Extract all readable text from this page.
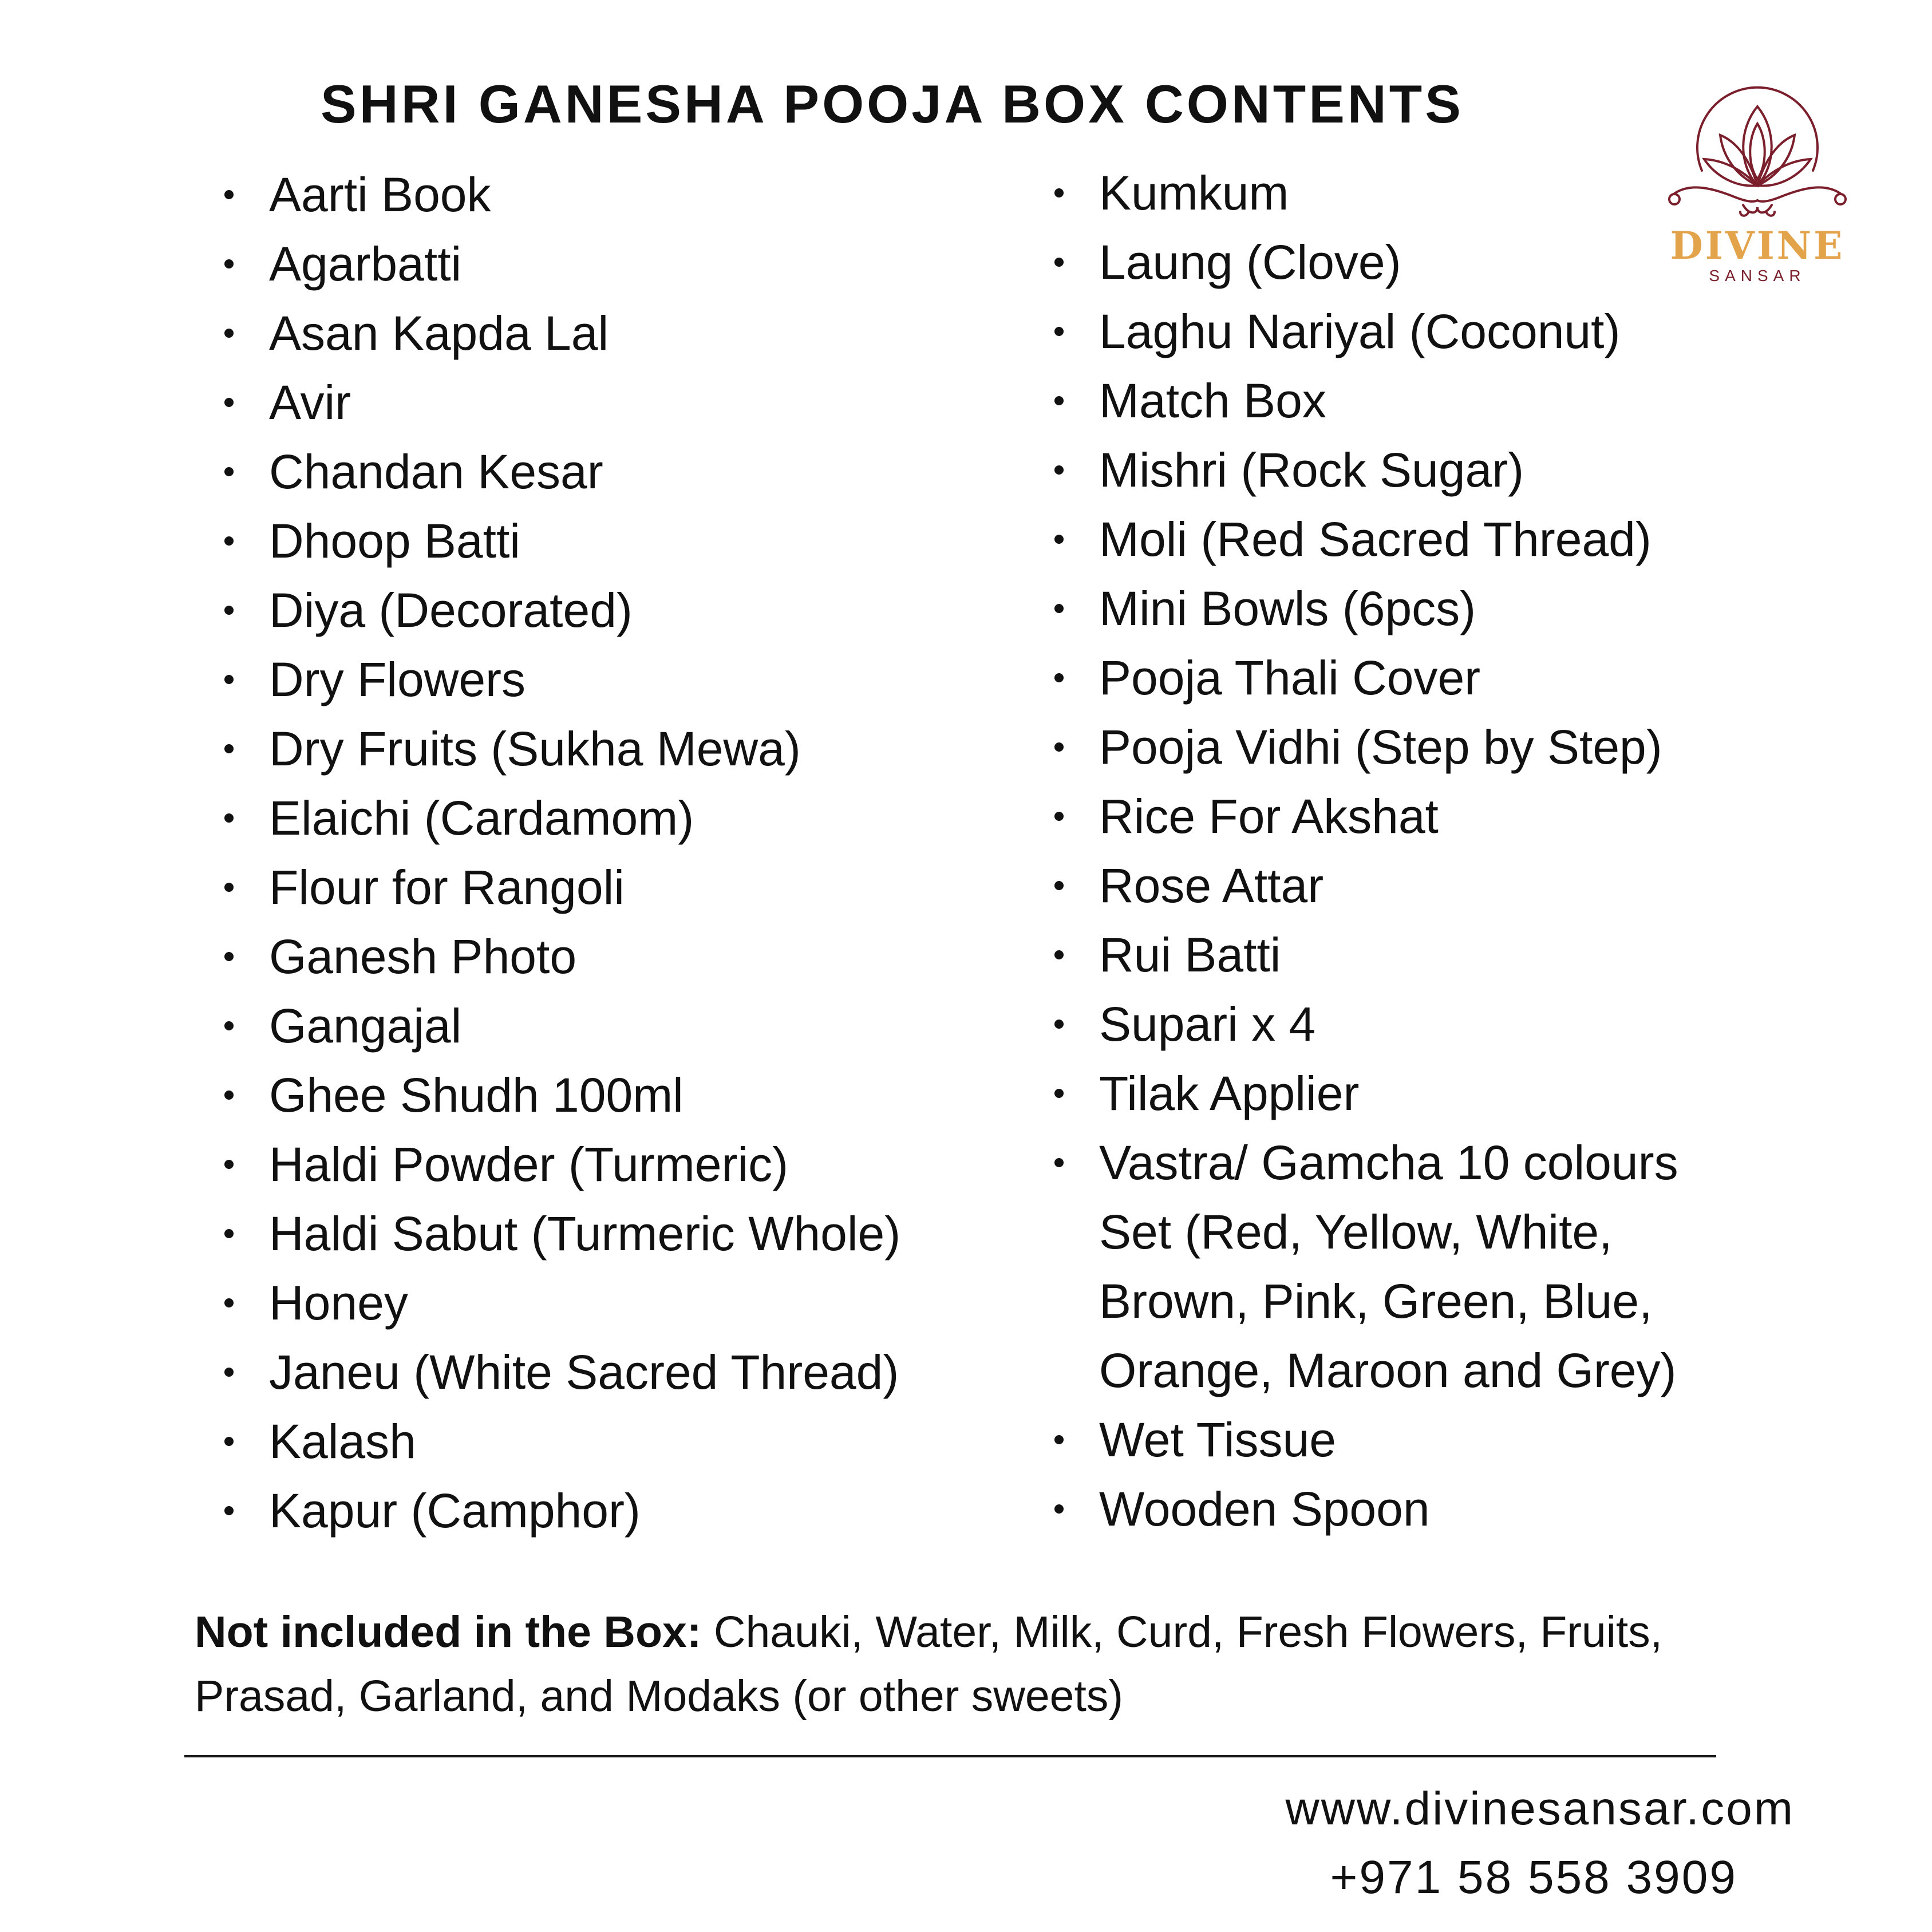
SHRI GANESHA POOJA BOX CONTENTS
DIVINE
SANSAR
Aarti Book
Agarbatti
Asan Kapda Lal
Avir
Chandan Kesar
Dhoop Batti
Diya (Decorated)
Dry Flowers
Dry Fruits (Sukha Mewa)
Elaichi (Cardamom)
Flour for Rangoli
Ganesh Photo
Gangajal
Ghee Shudh 100ml
Haldi Powder (Turmeric)
Haldi Sabut (Turmeric Whole)
Honey
Janeu (White Sacred Thread)
Kalash
Kapur (Camphor)
Kumkum
Laung (Clove)
Laghu Nariyal (Coconut)
Match Box
Mishri (Rock Sugar)
Moli (Red Sacred Thread)
Mini Bowls (6pcs)
Pooja Thali Cover
Pooja Vidhi (Step by Step)
Rice For Akshat
Rose Attar
Rui Batti
Supari x 4
Tilak Applier
Vastra/ Gamcha 10 colours Set (Red, Yellow, White, Brown, Pink, Green, Blue, Orange, Maroon and Grey)
Wet Tissue
Wooden Spoon

Not included in the Box: Chauki, Water, Milk, Curd, Fresh Flowers, Fruits, Prasad, Garland, and Modaks (or other sweets)

www.divinesansar.com
+971 58 558 3909
